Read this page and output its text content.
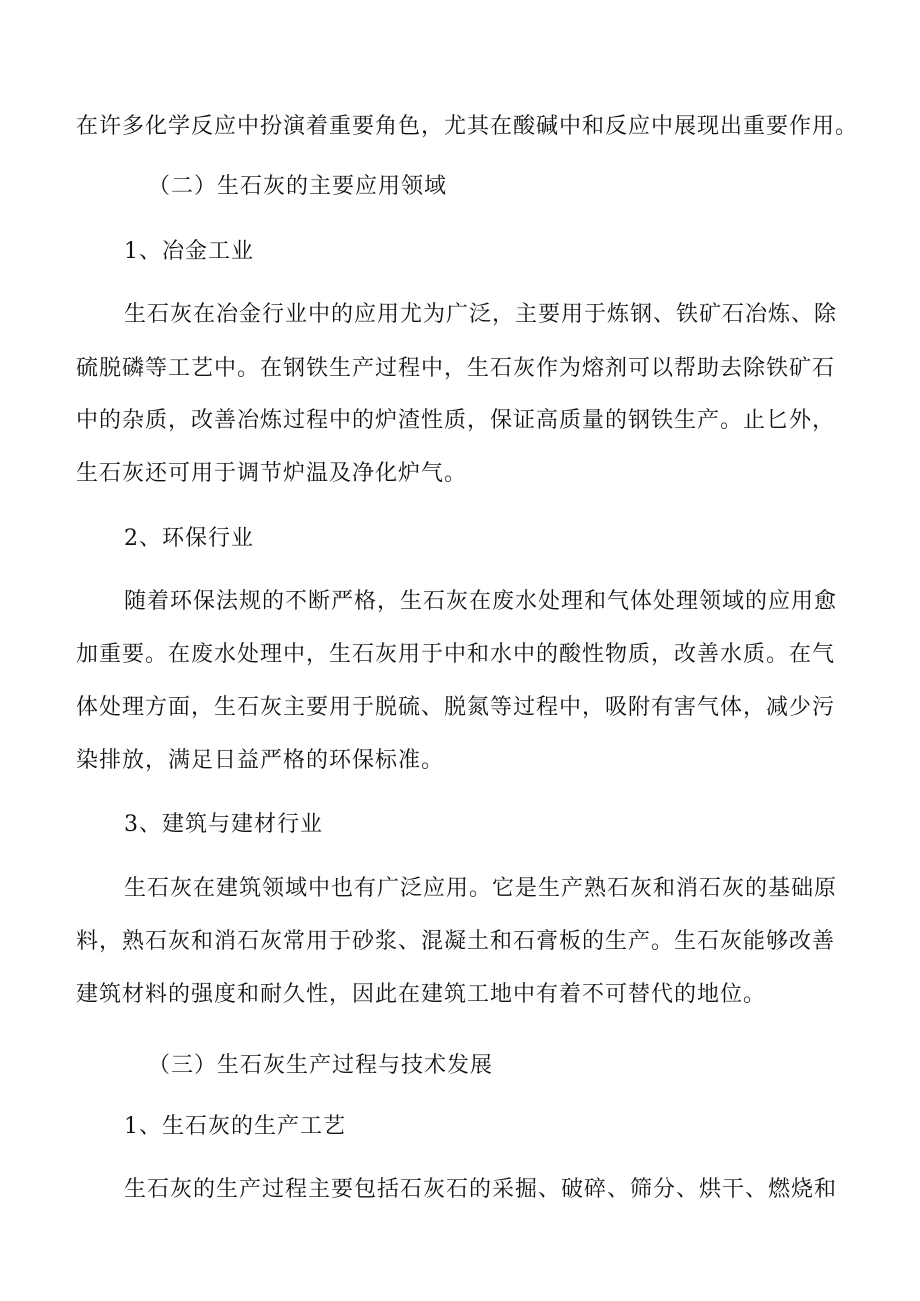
在许多化学反应中扮演着重要角色，尤其在酸碱中和反应中展现出重要作用。

（二）生石灰的主要应用领域

1、冶金工业

生石灰在冶金行业中的应用尤为广泛，主要用于炼钢、铁矿石冶炼、除

硫脱磷等工艺中。在钢铁生产过程中，生石灰作为熔剂可以帮助去除铁矿石

中的杂质，改善冶炼过程中的炉渣性质，保证高质量的钢铁生产。止匕外，

生石灰还可用于调节炉温及净化炉气。

2、环保行业

随着环保法规的不断严格，生石灰在废水处理和气体处理领域的应用愈

加重要。在废水处理中，生石灰用于中和水中的酸性物质，改善水质。在气

体处理方面，生石灰主要用于脱硫、脱氮等过程中，吸附有害气体，减少污

染排放，满足日益严格的环保标准。

3、建筑与建材行业

生石灰在建筑领域中也有广泛应用。它是生产熟石灰和消石灰的基础原

料，熟石灰和消石灰常用于砂浆、混凝土和石膏板的生产。生石灰能够改善

建筑材料的强度和耐久性，因此在建筑工地中有着不可替代的地位。

（三）生石灰生产过程与技术发展

1、生石灰的生产工艺

生石灰的生产过程主要包括石灰石的采掘、破碎、筛分、烘干、燃烧和
